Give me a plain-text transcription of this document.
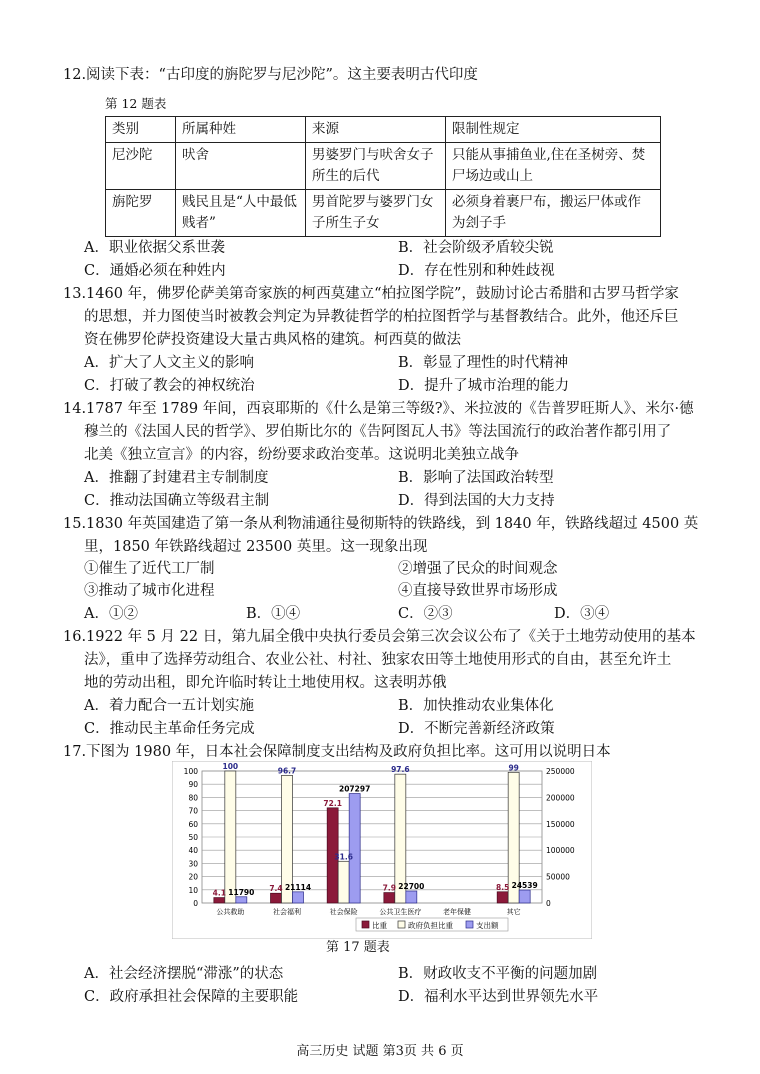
12.阅读下表：“古印度的旃陀罗与尼沙陀”。这主要表明古代印度
第 12 题表
类别	所属种姓	来源	限制性规定
尼沙陀	吠舍	男婆罗门与吠舍女子所生的后代	只能从事捕鱼业,住在圣树旁、焚尸场边或山上
旃陀罗	贱民且是“人中最低贱者”	男首陀罗与婆罗门女子所生子女	必须身着裹尸布，搬运尸体或作为刽子手
A．职业依据父系世袭	B．社会阶级矛盾较尖锐
C．通婚必须在种姓内	D．存在性别和种姓歧视
13.1460 年，佛罗伦萨美第奇家族的柯西莫建立“柏拉图学院”，鼓励讨论古希腊和古罗马哲学家
的思想，并力图使当时被教会判定为异教徒哲学的柏拉图哲学与基督教结合。此外，他还斥巨
资在佛罗伦萨投资建设大量古典风格的建筑。柯西莫的做法
A．扩大了人文主义的影响	B．彰显了理性的时代精神
C．打破了教会的神权统治	D．提升了城市治理的能力
14.1787 年至 1789 年间，西哀耶斯的《什么是第三等级?》、米拉波的《告普罗旺斯人》、米尔·德
穆兰的《法国人民的哲学》、罗伯斯比尔的《告阿图瓦人书》等法国流行的政治著作都引用了
北美《独立宣言》的内容，纷纷要求政治变革。这说明北美独立战争
A．推翻了封建君主专制制度	B．影响了法国政治转型
C．推动法国确立等级君主制	D．得到法国的大力支持
15.1830 年英国建造了第一条从利物浦通往曼彻斯特的铁路线，到 1840 年，铁路线超过 4500 英
里，1850 年铁路线超过 23500 英里。这一现象出现
①催生了近代工厂制	②增强了民众的时间观念
③推动了城市化进程	④直接导致世界市场形成
A．①②	B．①④	C．②③	D．③④
16.1922 年 5 月 22 日，第九届全俄中央执行委员会第三次会议公布了《关于土地劳动使用的基本
法》，重申了选择劳动组合、农业公社、村社、独家农田等土地使用形式的自由，甚至允许土
地的劳动出租，即允许临时转让土地使用权。这表明苏俄
A．着力配合一五计划实施	B．加快推动农业集体化
C．推动民主革命任务完成	D．不断完善新经济政策
17.下图为 1980 年，日本社会保障制度支出结构及政府负担比率。这可用以说明日本
0
10
20
30
40
50
60
70
80
90
100
0
50000
100000
150000
200000
250000
公共救助
4.1
100
11790
社会福利
7.4
96.7
21114
社会保险
72.1
31.6
207297
公共卫生医疗
7.9
97.6
22700
老年保健	其它
8.5
99
24539
比重	政府负担比重	支出额
第 17 题表
A．社会经济摆脱“滞涨”的状态	B．财政收支不平衡的问题加剧
C．政府承担社会保障的主要职能	D．福利水平达到世界领先水平
高三历史 试题 第3页 共 6 页
